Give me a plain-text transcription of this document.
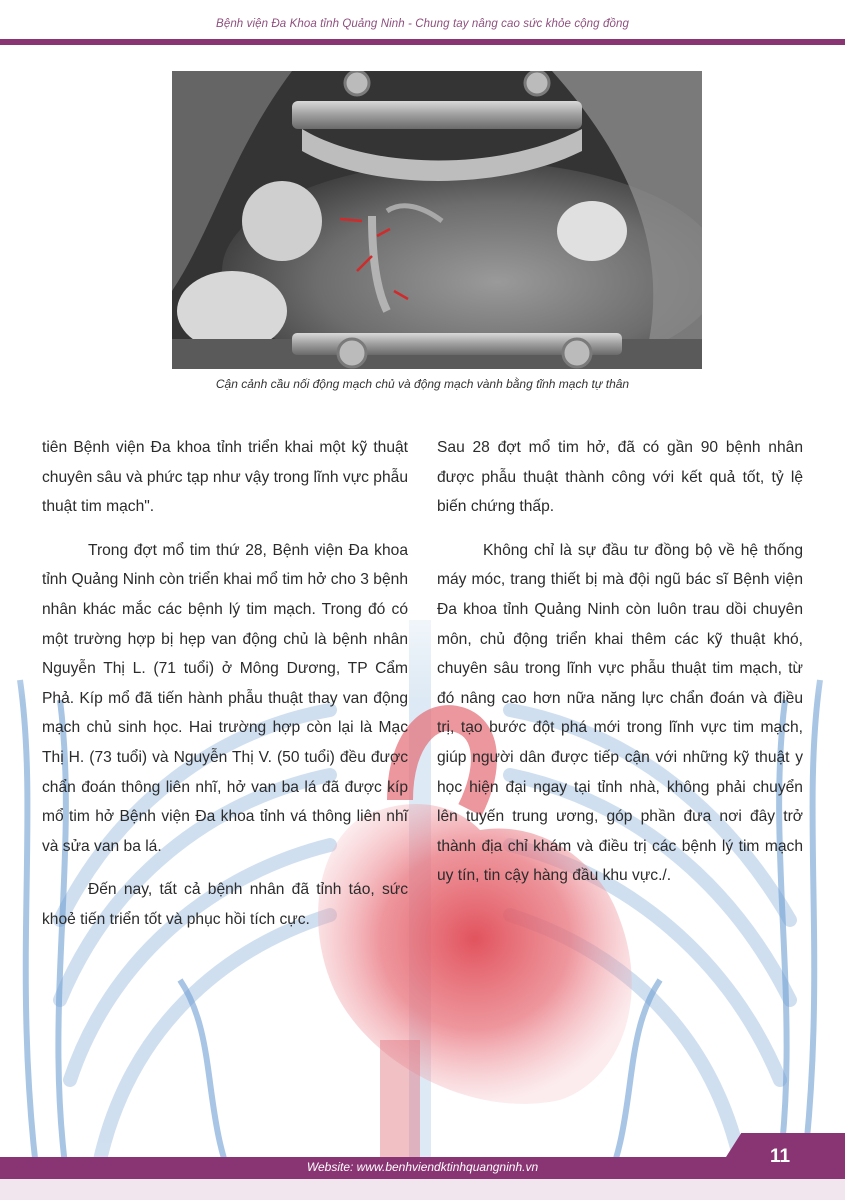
Bệnh viện Đa Khoa tỉnh Quảng Ninh - Chung tay nâng cao sức khỏe cộng đồng
Cận cảnh cầu nối động mạch chủ và động mạch vành bằng tĩnh mạch tự thân

tiên Bệnh viện Đa khoa tỉnh triển khai một kỹ thuật chuyên sâu và phức tạp như vậy trong lĩnh vực phẫu thuật tim mạch".

Trong đợt mổ tim thứ 28, Bệnh viện Đa khoa tỉnh Quảng Ninh còn triển khai mổ tim hở cho 3 bệnh nhân khác mắc các bệnh lý tim mạch. Trong đó có một trường hợp bị hẹp van động chủ là bệnh nhân Nguyễn Thị L. (71 tuổi) ở Mông Dương, TP Cẩm Phả. Kíp mổ đã tiến hành phẫu thuật thay van động mạch chủ sinh học. Hai trường hợp còn lại là Mạc Thị H. (73 tuổi) và Nguyễn Thị V. (50 tuổi) đều được chẩn đoán thông liên nhĩ, hở van ba lá đã được kíp mổ tim hở Bệnh viện Đa khoa tỉnh vá thông liên nhĩ và sửa van ba lá.

Đến nay, tất cả bệnh nhân đã tỉnh táo, sức khoẻ tiến triển tốt và phục hồi tích cực.

Sau 28 đợt mổ tim hở, đã có gần 90 bệnh nhân được phẫu thuật thành công với kết quả tốt, tỷ lệ biến chứng thấp.

Không chỉ là sự đầu tư đồng bộ về hệ thống máy móc, trang thiết bị mà đội ngũ bác sĩ Bệnh viện Đa khoa tỉnh Quảng Ninh còn luôn trau dồi chuyên môn, chủ động triển khai thêm các kỹ thuật khó, chuyên sâu trong lĩnh vực phẫu thuật tim mạch, từ đó nâng cao hơn nữa năng lực chẩn đoán và điều trị, tạo bước đột phá mới trong lĩnh vực tim mạch, giúp người dân được tiếp cận với những kỹ thuật y học hiện đại ngay tại tỉnh nhà, không phải chuyển lên tuyến trung ương, góp phần đưa nơi đây trở thành địa chỉ khám và điều trị các bệnh lý tim mạch uy tín, tin cậy hàng đầu khu vực./.

11
Website: www.benhviendktinhquangninh.vn
